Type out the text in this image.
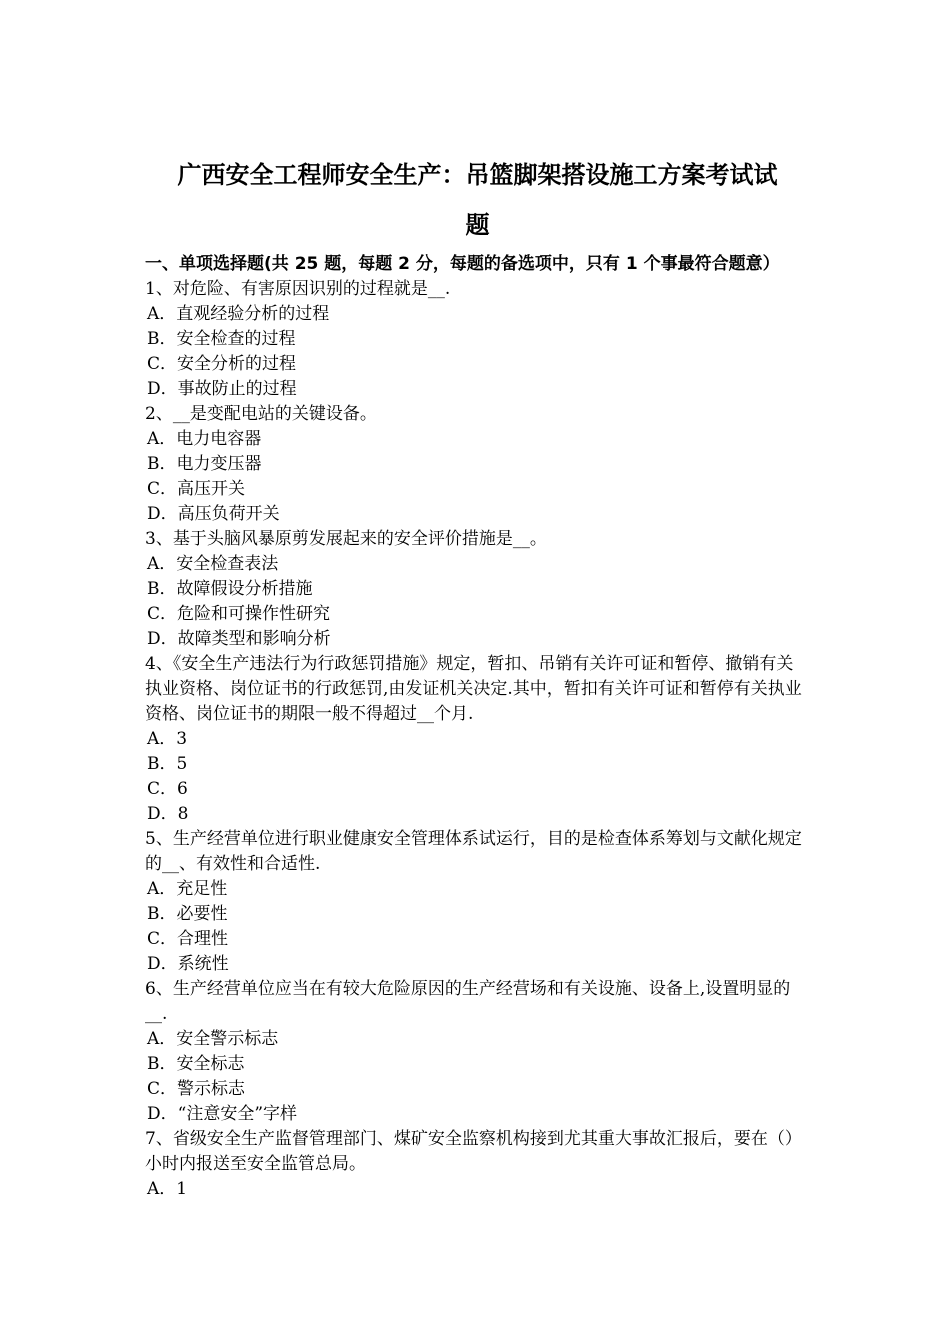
广西安全工程师安全生产：吊篮脚架搭设施工方案考试试
题

一、单项选择题(共 25 题，每题 2 分，每题的备选项中，只有 1 个事最符合题意）

1、对危险、有害原因识别的过程就是__.

A．直观经验分析的过程

B．安全检查的过程

C．安全分析的过程

D．事故防止的过程

2、__是变配电站的关键设备。

A．电力电容器

B．电力变压器

C．高压开关

D．高压负荷开关

3、基于头脑风暴原剪发展起来的安全评价措施是__。

A．安全检查表法

B．故障假设分析措施

C．危险和可操作性研究

D．故障类型和影响分析

4、《安全生产违法行为行政惩罚措施》规定，暂扣、吊销有关许可证和暂停、撤销有关执业资格、岗位证书的行政惩罚,由发证机关决定.其中，暂扣有关许可证和暂停有关执业资格、岗位证书的期限一般不得超过__个月.

A．3

B．5

C．6

D．8

5、生产经营单位进行职业健康安全管理体系试运行，目的是检查体系筹划与文献化规定的__、有效性和合适性.

A．充足性

B．必要性

C．合理性

D．系统性

6、生产经营单位应当在有较大危险原因的生产经营场和有关设施、设备上,设置明显的__.

A．安全警示标志

B．安全标志

C．警示标志

D．“注意安全”字样

7、省级安全生产监督管理部门、煤矿安全监察机构接到尤其重大事故汇报后，要在（）小时内报送至安全监管总局。

A．1
